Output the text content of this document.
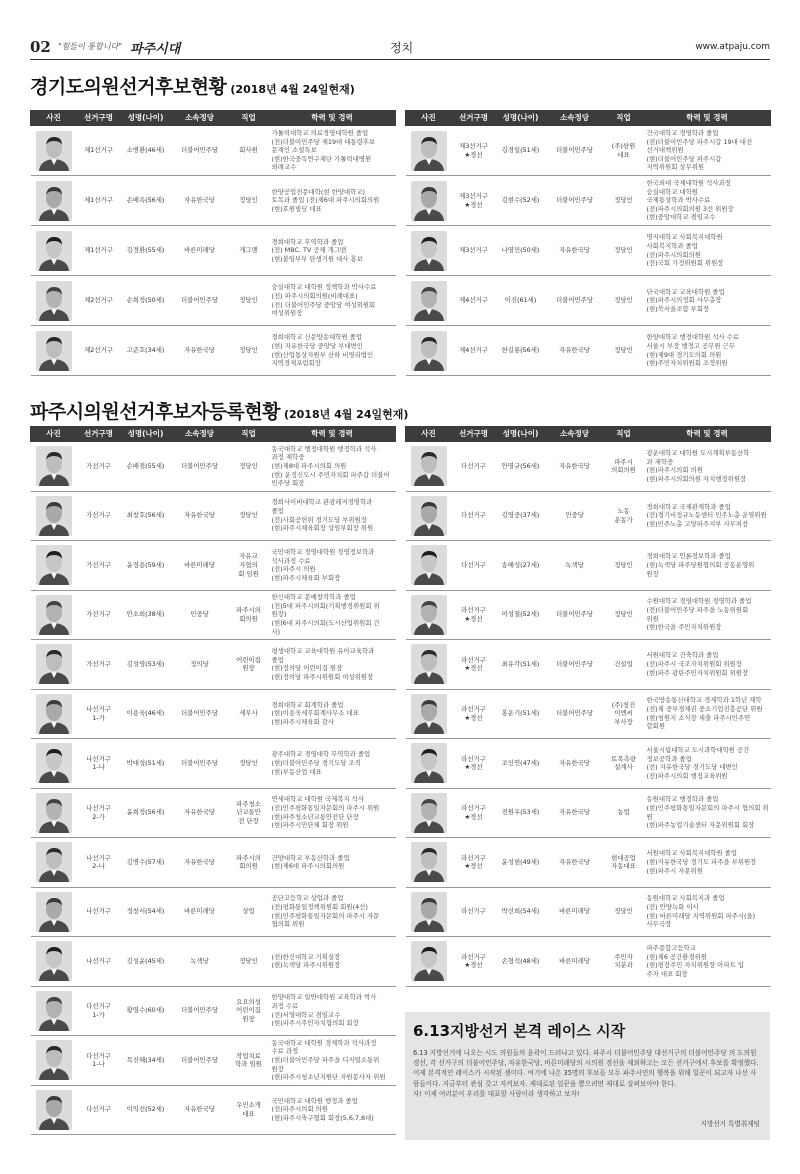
02 "힘들이 통합니다" 파주시대	정치	www.atpaju.com
경기도의원선거후보현황 (2018년 4월 24일현재)
사진	선거구명	성명(나이)	소속정당	직업	학력 및 경력

	제1선거구	소병환(46세)	더불어민주당	회사원	가톨릭대학교 의료경영대학원 졸업
(전)더불어민주당 제19대 대통령후보
문재인 소셜특보
(현)한국중독연구재단 가톨릭대병원
외래교수

	제1선거구	손배옥(56세)	자유한국당	정당인	한양공업전문대학(현 한양대학교)
토목과 졸업 (전)제6대 파주시의회의원
(현)호원빌딩 대표

	제1선거구	김경환(55세)	바른미래당	개그맨	경희대학교 무역학과 졸업
(전) MBC, TV 공채 개그맨
(현)불임부부 탄생기원 대사 홍보

	제2선거구	손희정(50세)	더불어민주당	정당인	숭실대학교 대학원 정책학과 박사수료
(전) 파주시의회의원(비례대표)
(전) 더불어민주당 중앙당 여성위원회
여성위원장

	제2선거구	고준호(34세)	자유한국당	정당인	경희대학교 신문방송대학원 졸업
(현) 자유한국당 중앙당 부대변인
(현)산업통상자원부 산하 비영리법인
지역경제포럼회장
사진	선거구명	성명(나이)	소속정당	직업	학력 및 경력

	제3선거구
★경선	김경일(51세)	더불어민주당	(주)삼원
대표	건국대학교 경영학과 졸업
(전)더불어민주당 파주시갑 19대 대선
선거대책위원
(현)더불어민주당 파주시갑
지역위원회 상무위원

	제3선거구
★경선	김현수(52세)	더불어민주당	정당인	한국외대 국제대학원 석사과정
숭실대학교 대학원
국제통상학과 박사수료
(전)파주시의회의원 3선 위원장
(현)중앙대학교 겸임교수

	제3선거구	나영민(50세)	자유한국당	정당인	명지대학교 사회복지대학원
사회복지학과 졸업
(전)파주시의회의원
(전)국회 가정위원회 위원장

	제4선거구	이진(61세)	더불어민주당	정당인	단국대학교 교육대학원 졸업
(현)파주시의정회 사무총장
(현)북서울조합 부회장

	제4선거구	한길룡(56세)	자유한국당	정당인	한양대학교 행정대학원 석사 수료
서울시 부장 행정고 공무원 근무
(현)제9대 경기도의회 의원
(현)주민자치위원회 조정위원
파주시의원선거후보자등록현황 (2018년 4월 24일현재)
사진	선거구명	성명(나이)	소속정당	직업	학력 및 경력

	가선거구	손배점(55세)	더불어민주당	정당인	동국대학교 행정대학원 행정학과 석사
과정 재학중
(현)제8대 파주시의회 의원
(현) 운정신도시 주민자치회 파주갑 더불어민주당 회장

	가선거구	최창호(56세)	자유한국당	정당인	경희사이버대학교 관광레저경영학과
졸업
(전)사회공헌위 경기도당 부위원장
(현)파주시체육회장 상임부회장 위원

	가선거구	윤정용(59세)	바른미래당	자유교
자협의
회 임원	국민대학교 경영대학원 경영정보학과
석사과정 수료
(전)파주시 의원
(현)파주시체육회 부회장

	가선거구	안소희(38세)	민중당	파주시의
회의원	한신대학교 문예창작학과 졸업
(전)5대 파주시의회(기획행정위원회 위
원장)
(현)6대 파주시의회(도시산업위원회 간
사)

	가선거구	김성영(53세)	정의당	어린이집
원장	평생대학교 교육대학원 유아교육학과
졸업
(현)정의당 어린이집 원장
(현)정의당 파주시위원회 여성위원장

	나선거구
1-가	이용욱(46세)	더불어민주당	세무사	경희대학교 회계학과 졸업
(현)이용욱세무회계사무소 대표
(현)파주시체육회 감사

	나선거구
1-나	박대성(51세)	더불어민주당	정당인	광주대학교 경영대학 무역학과 졸업
(현)더불어민주당 경기도당 조직
(현)부동산업 대표

	나선거구
2-가	윤희정(56세)	자유한국당	파주청소
년교통안
전 단장	연세대학교 대학원 국제복지 석사
(전)민주평화통일자문회의 파주시 위원
(현)파주청소년교통안전단 단장
(현)파주시민단체 회장 위원

	나선거구
2-나	김병수(57세)	자유한국당	파주시의
회의원	건양대학교 부동산학과 졸업
(현)제6대 파주시의회의원

	나선거구	정창서(54세)	바른미래당	상업	공단고등학교 상업과 졸업
(전)평화통일정책위원회 회원(4선)
(현)민주평화통일자문회의 파주시 자문
협의회 위원

	나선거구	김성윤(45세)	녹색당	정당인	(전)한신대학교 기획실장
(현)녹색당 파주시위원장

	다선거구
1-가	황영수(60세)	더불어민주당	요요의성
어린이집
원장	한양대학교 일반대학원 교육학과 박사
과정 수료
(전)서영대학교 겸임교수
(현)파주시주민자치협의회 회장

	다선거구
1-나	목진혜(34세)	더불어민주당	작업치료
학과 임원	동국대학교 대학원 경제학과 석사과정
수료 과정
(현)더불어민주당 파주을 디지털소통위
원장
(현)파주시청소년지원단 자원봉사자 위원

	다선거구	이익선(52세)	자유한국당	우민소개
대표	국민대학교 대학원 행정과 졸업
(전)파주시의회 의원
(현)파주시축구협회 회장(5,6,7,8대)
사진	선거구명	성명(나이)	소속정당	직업	학력 및 경력

	다선거구	안명규(56세)	자유한국당	파주시
의회의원	광운대학교 대학원 도시계획부동산학
과 재학중
(현)파주시의회 의원
(현)파주시의회의원 자치행정위원장

	다선거구	김영중(37세)	민중당	노동
운동가	경희대학교 국제관계학과 졸업
(전)경기비정규노동센터 민주노총 운영위원
(현)민주노총 고양파주지부 사무처장

	다선거구	송혜성(27세)	녹색당	정당인	경희대학교 언론정보학과 졸업
(현)녹색당 파주당원협의회 공동운영위
원장

	라선거구
★경선	이성철(52세)	더불어민주당	정당인	수원대학교 경영대학원 경영학과 졸업
(전)더불어민주당 파주을 노동위원회
위원
(현)한국을 주민자치위원장

	라선거구
★경선	최유각(51세)	더불어민주당	건설업	서원대학교 건축학과 졸업
(전)파주시 국조자치위원회 위원장
(현)파주 광탄주민자치위원회 위원장

	라선거구
★경선	홍운기(51세)	더불어민주당	(주)청진
이엔씨
부사장	한국방송통신대학교 경제학과 1학년 재학
(전)제 중부경제권 중소기업진흥공단 위원
(현)청원지 소식장 세출 파주시민주연
합회원

	라선거구
★경선	조인연(47세)	자유한국당	토목측량
설계사	서울시립대학교 도시과학대학원 공간
정보공학과 졸업
(전) 자유한국당 경기도당 대변인
(전)파주시의회 행정교육위원

	라선거구
★경선	전원우(53세)	자유한국당	농업	동원대학교 행정학과 졸업
(현)민주평화통일자문회의 파주시 협의회 위원
(현)파주농업기술센터 자문위원회 회장

	라선거구
★경선	윤성현(49세)	자유한국당	현대공업
자동대표	서원대학교 사회복지대학원 졸업
(현)자유한국당 경기도 파주을 부위원장
(현)파주시 자문위원

	라선거구	박선희(54세)	바른미래당	정당인	동원대학교 사회복지과 졸업
(전) 안양녹화 이사
(현) 바른미래당 지역위원회 파주시(을)
사무국장

	라선거구
★경선	손형석(48세)	바른미래당	주민자
치분과	파주종합고등학교
(현)제6 공간환경위원
(현)평장주민 자치위원장 아파트 입
주자 대표 회장
6.13지방선거 본격 레이스 시작
6.13 지방선거에 나오는 시도 의원들의 윤곽이 드러나고 있다. 파주시 더불어민주당 대선거구의 더불어민주당 의 도의원 경선, 각 선거구의 더불어민주당, 자유한국당, 바른미래당의 시의원 경선을 제외하고는 모든 선거구에서 후보를 확정했다. 이제 본격적인 레이스가 시작된 셈이다. 여기에 나온 35명의 후보들 모두 파주시민의 행복을 위해 일꾼이 되고자 나선 사람들이다. 지금부터 관심 갖고 지켜보자. 제대로된 일꾼을 뽑으려면 제대로 살펴보아야 한다.
자! 이제 여러분이 우리를 대표할 사람이라 생각하고 보자!
지방선거 특별취재팀
